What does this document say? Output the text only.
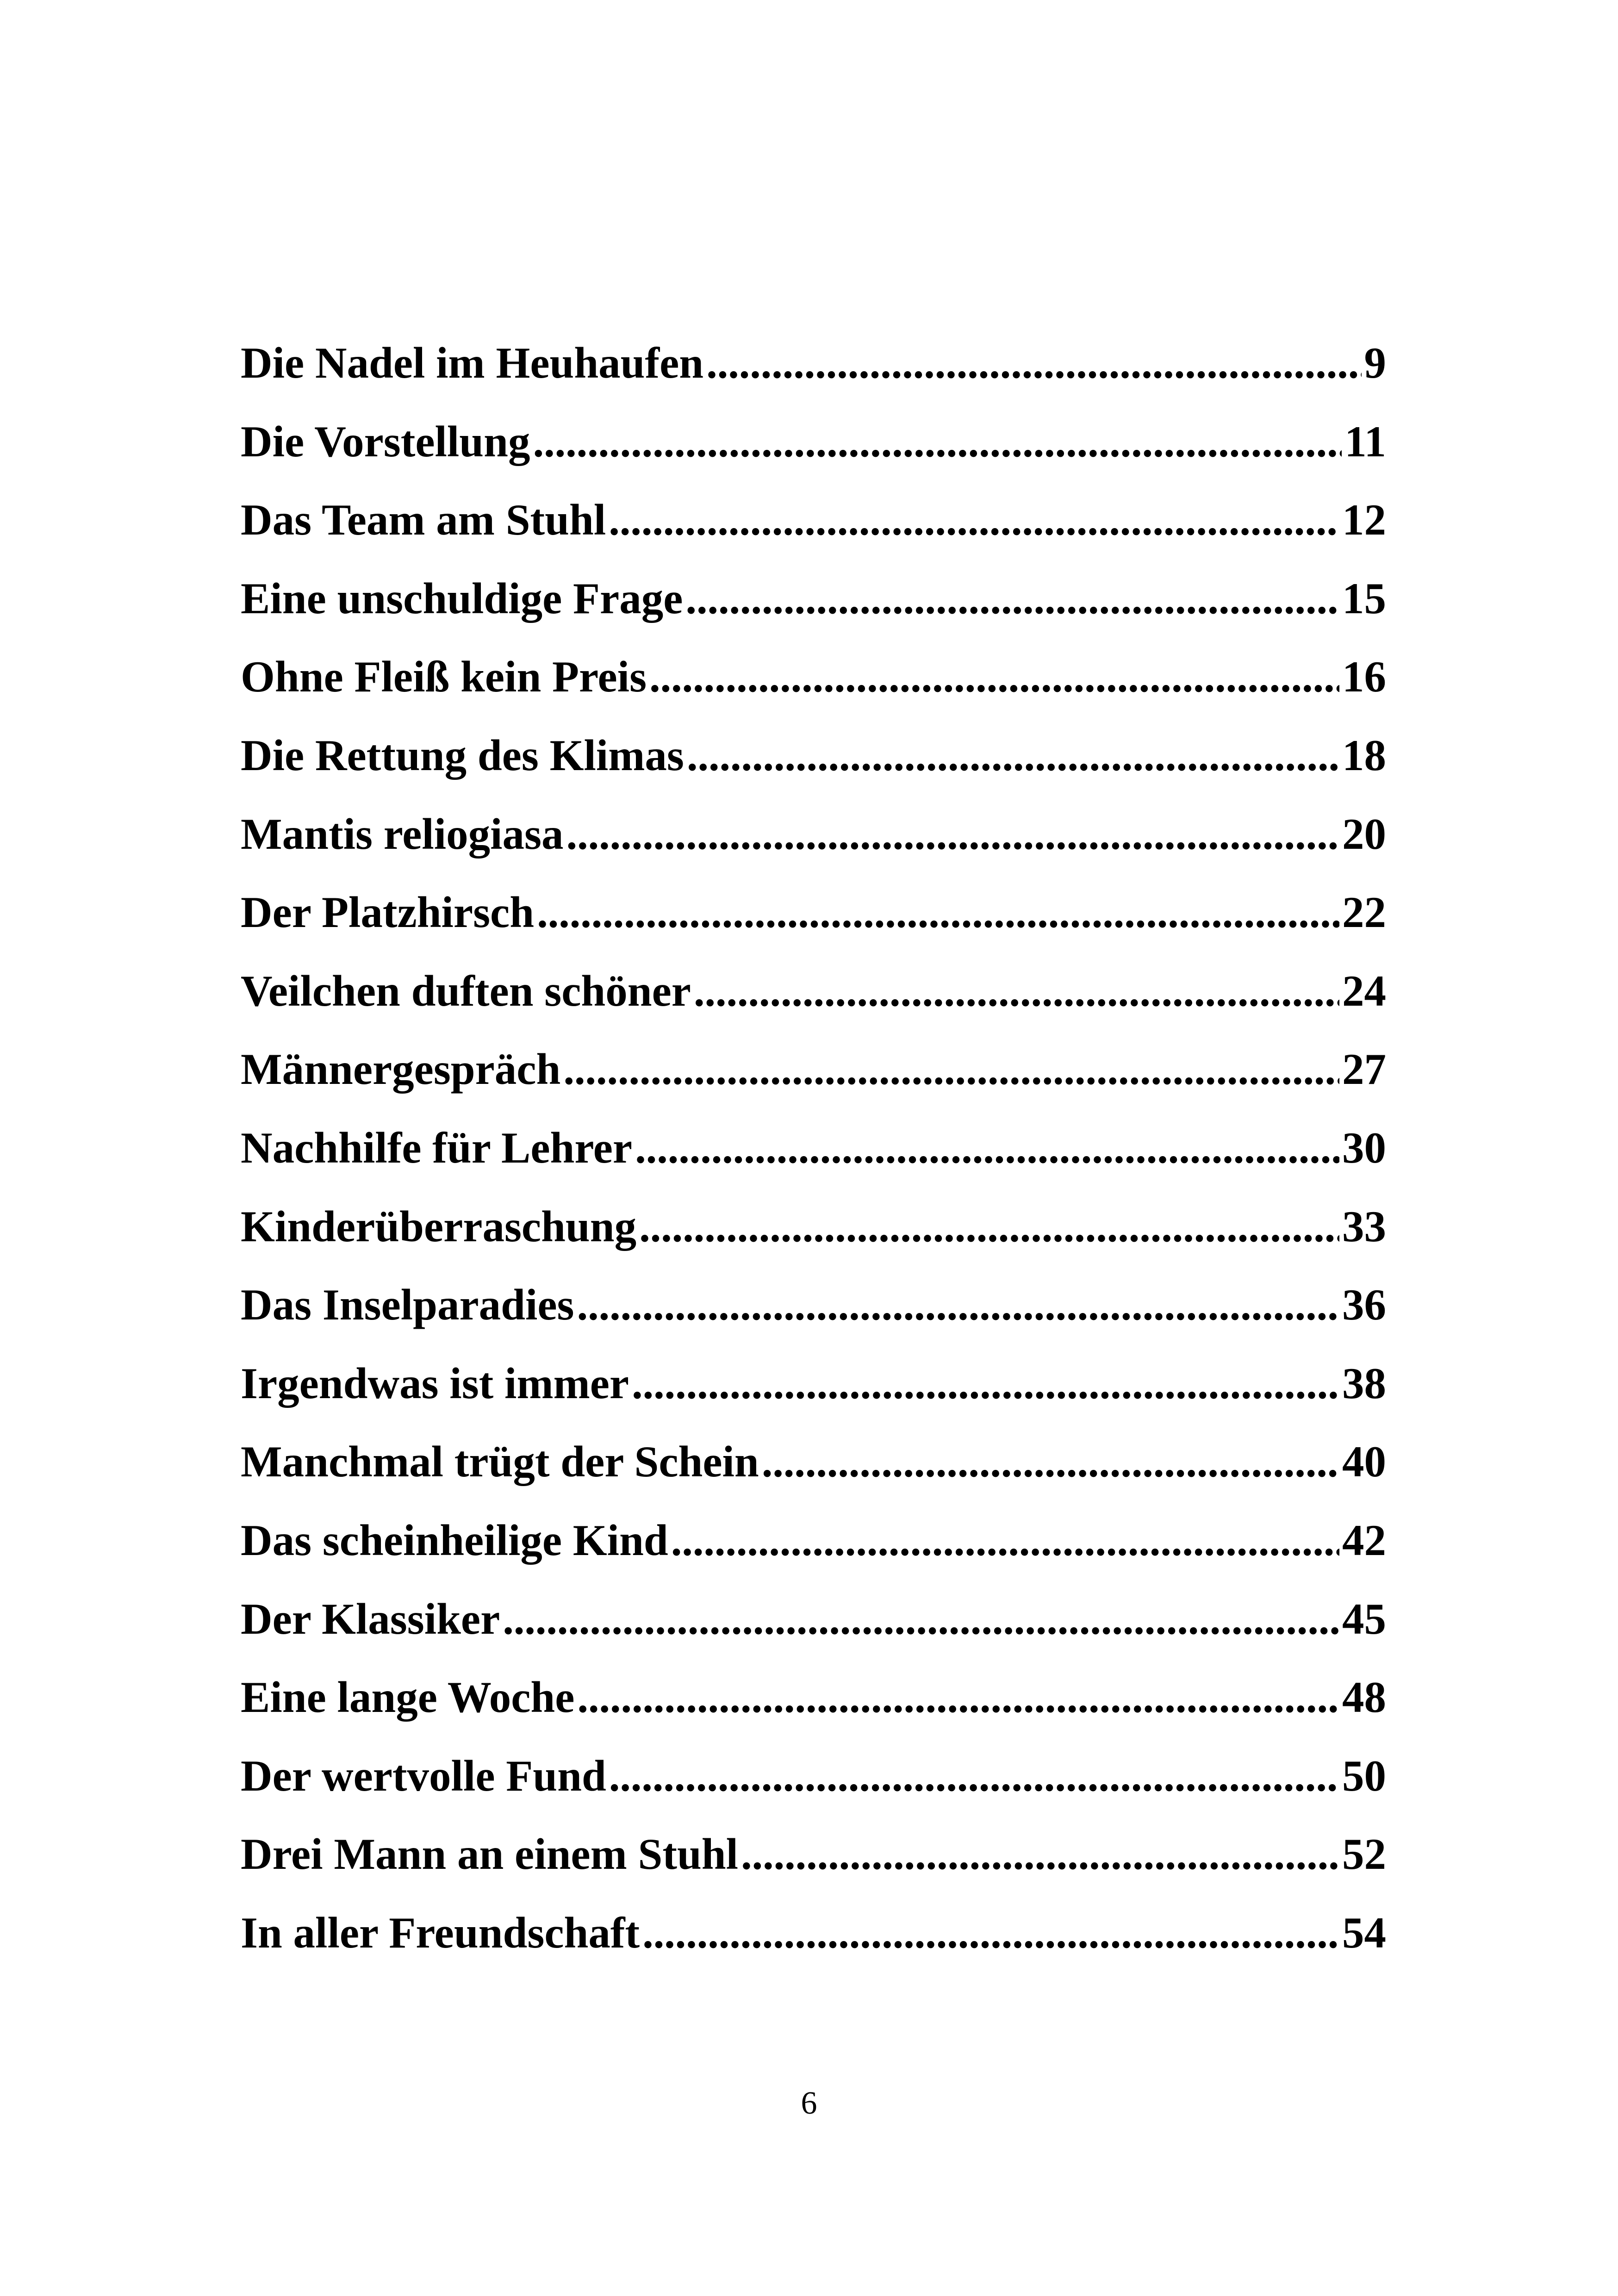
Die Nadel im Heuhaufen . . .	9
Die Vorstellung . . .	11
Das Team am Stuhl . . .	12
Eine unschuldige Frage . . .	15
Ohne Fleiß kein Preis . . .	16
Die Rettung des Klimas . . .	18
Mantis reliogiasa . . .	20
Der Platzhirsch . . .	22
Veilchen duften schöner . . .	24
Männergespräch . . .	27
Nachhilfe für Lehrer . . .	30
Kinderüberraschung . . .	33
Das Inselparadies . . .	36
Irgendwas ist immer . . .	38
Manchmal trügt der Schein . . .	40
Das scheinheilige Kind . . .	42
Der Klassiker . . .	45
Eine lange Woche . . .	48
Der wertvolle Fund . . .	50
Drei Mann an einem Stuhl . . .	52
In aller Freundschaft . . .	54
6
